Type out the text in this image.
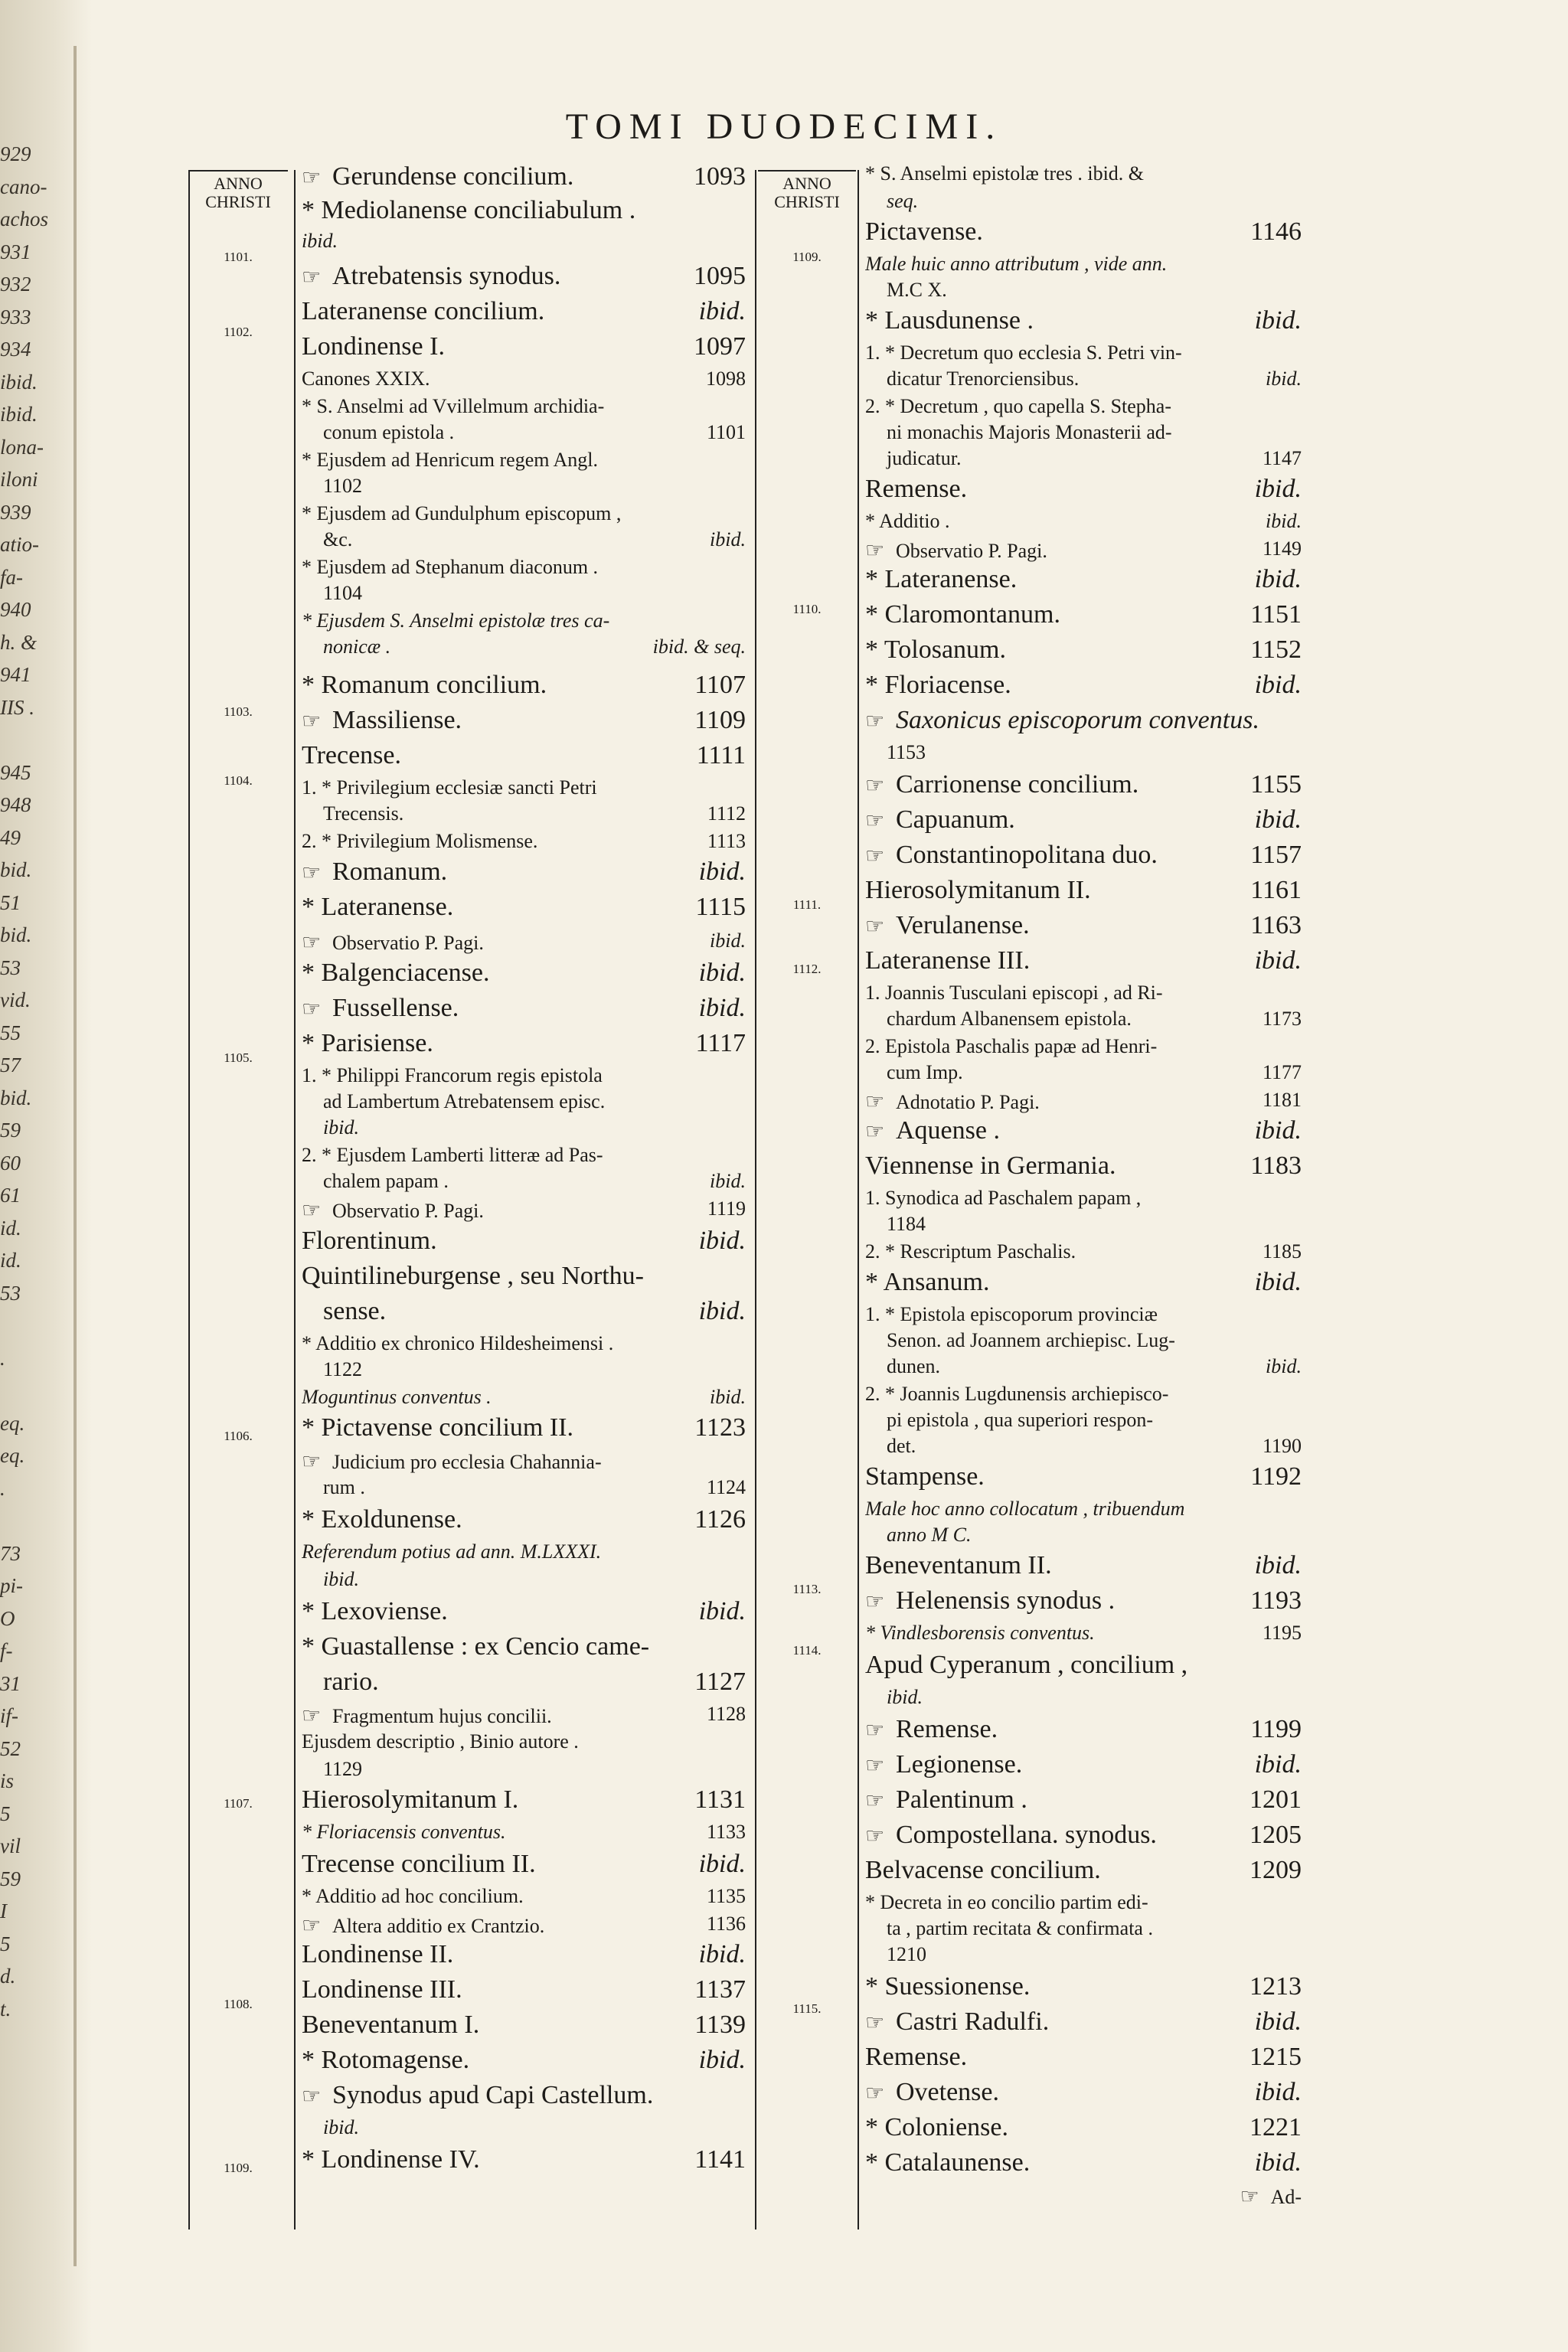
929
cano-
achos
931
932
933
934
ibid.
ibid.
lona-
iloni
939
atio-
fa-
940
h. &
941
IIS .
945
948
49
bid.
51
bid.
53
vid.
55
57
bid.
59
60
61
id.
id.
53
.
eq.
eq.
.
73
pi-
O
f-
31
if-
52
is
5
vil
59
I
5
d.
t.
TOMI DUODECIMI.
ANNO CHRISTI
1101.
1102.
1103.
1104.
1105.
1106.
1107.
1108.
1109.
☞ Gerundense concilium.	1093
* Mediolanense conciliabulum .
ibid.
☞ Atrebatensis synodus.	1095
Lateranense concilium.	ibid.
Londinense I.	1097
Canones XXIX.	1098
* S. Anselmi ad Vvillelmum archidia-
conum epistola .	1101
* Ejusdem ad Henricum regem Angl.
1102
* Ejusdem ad Gundulphum episcopum ,
&c.	ibid.
* Ejusdem ad Stephanum diaconum .
1104
* Ejusdem S. Anselmi epistolæ tres ca-
nonicæ .	ibid. & seq.
* Romanum concilium.	1107
☞ Massiliense.	1109
Trecense.	1111
1. * Privilegium ecclesiæ sancti Petri
Trecensis.	1112
2. * Privilegium Molismense.	1113
☞ Romanum.	ibid.
* Lateranense.	1115
☞ Observatio P. Pagi.	ibid.
* Balgenciacense.	ibid.
☞ Fussellense.	ibid.
* Parisiense.	1117
1. * Philippi Francorum regis epistola
ad Lambertum Atrebatensem episc.
ibid.
2. * Ejusdem Lamberti litteræ ad Pas-
chalem papam .	ibid.
☞ Observatio P. Pagi.	1119
Florentinum.	ibid.
Quintilineburgense , seu Northu-
sense.	ibid.
* Additio ex chronico Hildesheimensi .
1122
Moguntinus conventus .	ibid.
* Pictavense concilium II.	1123
☞ Judicium pro ecclesia Chahannia-
rum .	1124
* Exoldunense.	1126
Referendum potius ad ann. M.LXXXI.
ibid.
* Lexoviense.	ibid.
* Guastallense : ex Cencio came-
rario.	1127
☞ Fragmentum hujus concilii.	1128
Ejusdem descriptio , Binio autore .
1129
Hierosolymitanum I.	1131
* Floriacensis conventus.	1133
Trecense concilium II.	ibid.
* Additio ad hoc concilium.	1135
☞ Altera additio ex Crantzio.	1136
Londinense II.	ibid.
Londinense III.	1137
Beneventanum I.	1139
* Rotomagense.	ibid.
☞ Synodus apud Capi Castellum.
ibid.
* Londinense IV.	1141
ANNO CHRISTI
1109.
1110.
1111.
1112.
1113.
1114.
1115.
☞ Ad-
* S. Anselmi epistolæ tres . ibid. &
seq.
Pictavense.	1146
Male huic anno attributum , vide ann.
M.C X.
* Lausdunense .	ibid.
1. * Decretum quo ecclesia S. Petri vin-
dicatur Trenorciensibus.	ibid.
2. * Decretum , quo capella S. Stepha-
ni monachis Majoris Monasterii ad-
judicatur.	1147
Remense.	ibid.
* Additio .	ibid.
☞ Observatio P. Pagi.	1149
* Lateranense.	ibid.
* Claromontanum.	1151
* Tolosanum.	1152
* Floriacense.	ibid.
☞ Saxonicus episcoporum conventus.
1153
☞ Carrionense concilium.	1155
☞ Capuanum.	ibid.
☞ Constantinopolitana duo.	1157
Hierosolymitanum II.	1161
☞ Verulanense.	1163
Lateranense III.	ibid.
1. Joannis Tusculani episcopi , ad Ri-
chardum Albanensem epistola.	1173
2. Epistola Paschalis papæ ad Henri-
cum Imp.	1177
☞ Adnotatio P. Pagi.	1181
☞ Aquense .	ibid.
Viennense in Germania.	1183
1. Synodica ad Paschalem papam ,
1184
2. * Rescriptum Paschalis.	1185
* Ansanum.	ibid.
1. * Epistola episcoporum provinciæ
Senon. ad Joannem archiepisc. Lug-
dunen.	ibid.
2. * Joannis Lugdunensis archiepisco-
pi epistola , qua superiori respon-
det.	1190
Stampense.	1192
Male hoc anno collocatum , tribuendum
anno M C.
Beneventanum II.	ibid.
☞ Helenensis synodus .	1193
* Vindlesborensis conventus.	1195
Apud Cyperanum , concilium ,
ibid.
☞ Remense.	1199
☞ Legionense.	ibid.
☞ Palentinum .	1201
☞ Compostellana. synodus.	1205
Belvacense concilium.	1209
* Decreta in eo concilio partim edi-
ta , partim recitata & confirmata .
1210
* Suessionense.	1213
☞ Castri Radulfi.	ibid.
Remense.	1215
☞ Ovetense.	ibid.
* Coloniense.	1221
* Catalaunense.	ibid.
